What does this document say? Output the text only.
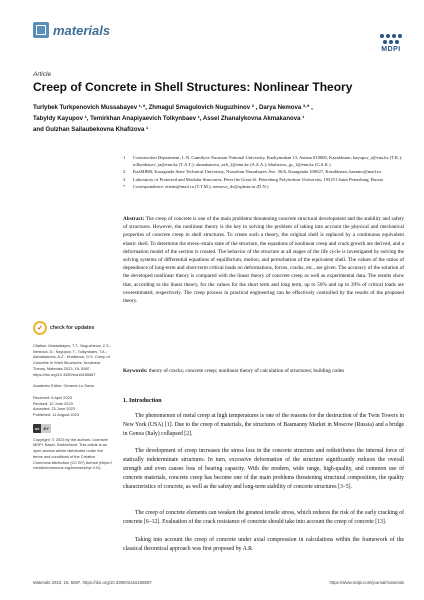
materials
MDPI
Article
Creep of Concrete in Shell Structures: Nonlinear Theory
Turlybek Turkpenovich Mussabayev ¹·*, Zhmagul Smagulovich Nuguzhinov ² , Darya Nemova ³·* ,
Tabyldy Kayupov ¹, Temirkhan Anapiyaevich Tolkynbaev ¹, Assel Zhanalykovna Akmakanova ¹
and Gulzhan Sailaubekovna Khafizova ¹
1	Construction Department, L.N. Gumilyov Eurasian National University, Kazhymukan 13, Astana 010000, Kazakhstan; kayupov_t@enu.kz (T.K.); tolkynbayev_ta@enu.kz (T.A.T.); akmakanova_azh_2@enu.kz (A.Z.A.); khafizova_gs_1@enu.kz (G.S.K.)
2	KazMIRR, Karaganda State Technical University, Nursultan Nazarbayev Ave. 56/6, Karaganda 100027, Kazakhstan; kazmirr@mail.ru
3	Laboratory of Protected and Modular Structures, Peter the Great St. Petersburg Polytechnic University, 195251 Saint Petersburg, Russia
*	Correspondence: ettenn@mail.ru (T.T.M.); nemova_dv@spbstu.ru (D.N.)

Abstract: The creep of concrete is one of the main problems threatening concrete structural development and the stability and safety of structures. However, the nonlinear theory is the key to solving the problem of taking into account the physical and mechanical properties of concrete creep in shell structures. To create such a theory, the original shell is replaced by a continuous equivalent elastic shell. To determine the stress–strain state of the structure, the equations of nonlinear creep and crack growth are derived, and a deformation model of the section is created. The behavior of the structure at all stages of the life cycle is investigated by solving the solving systems of differential equations of equilibrium, motion, and perturbation of the equivalent shell. The values of the ratios of dependence of long-term and short-term critical loads on deformations, forces, cracks, etc., are given. The accuracy of the solution of the developed nonlinear theory is compared with the linear theory of concrete creep as well as experimental data. The results show that, according to the linear theory, for the values for the short term and long term, up to 56% and up to 39% of critical loads are overestimated, respectively. The creep process in practical engineering can be effectively controlled by the results of the proposed theory.

Keywords: theory of cracks; concrete creep; nonlinear theory of calculation of structures; building codes

✓ check for updates
Citation: Mussabayev, T.T.; Nuguzhinov, Z.S.; Nemova, D.; Kayupov, T.; Tolkynbaev, T.A.; Akmakanova, A.Z.; Khafizova, G.S. Creep of Concrete in Shell Structures: Nonlinear Theory. Materials 2023, 16, 5587. https://doi.org/10.3390/ma16165587
Academic Editor: Gerardo Lo Savio
Received: 6 April 2023
Revised: 12 June 2023
Accepted: 23 June 2023
Published: 11 August 2023
cc	BY
Copyright: © 2023 by the authors. Licensee MDPI, Basel, Switzerland. This article is an open access article distributed under the terms and conditions of the Creative Commons Attribution (CC BY) license (https:// creativecommons.org/licenses/by/ 4.0/).
1. Introduction

The phenomenon of metal creep at high temperatures is one of the reasons for the destruction of the Twin Towers in New York (USA) [1]. Due to the creep of materials, the structures of Basmanny Market in Moscow (Russia) and a bridge in Genoa (Italy) collapsed [2].

The development of creep increases the stress loss in the concrete structure and redistributes the internal force of statically indeterminate structures. In turn, excessive deformation of the structure significantly reduces the overall strength and even causes loss of bearing capacity. With the modern, wide range, high-quality, and common use of concrete materials, concrete creep has become one of the main problems threatening structural composition, the quality characteristics of concrete, as well as the safety and long-term stability of concrete structures [3–5].

The creep of concrete elements can weaken the greatest tensile stress, which reduces the risk of the early cracking of concrete [6–12]. Evaluation of the crack resistance of concrete should take into account the creep of concrete [13].

Taking into account the creep of concrete under axial compression in calculations within the framework of the classical theoretical approach was first proposed by A.R.

Materials 2023, 16, 5587. https://doi.org/10.3390/ma16165587	https://www.mdpi.com/journal/materials
